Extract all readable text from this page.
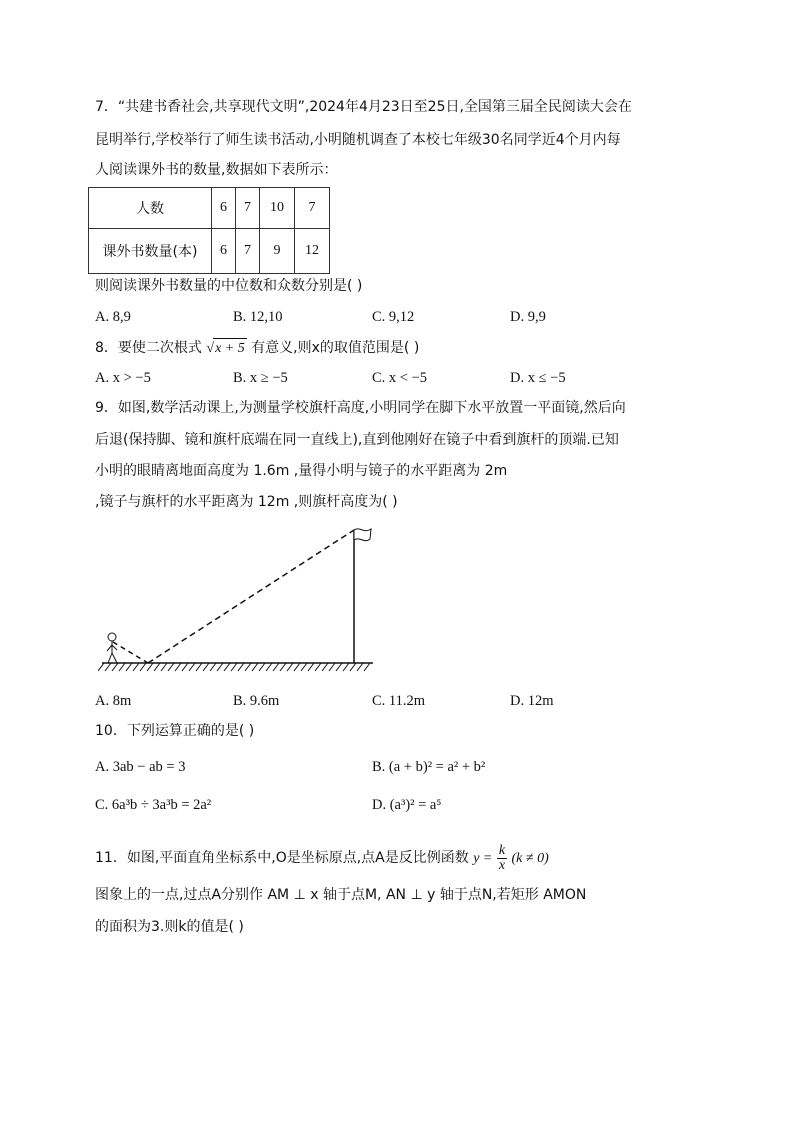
7．“共建书香社会,共享现代文明”,2024年4月23日至25日,全国第三届全民阅读大会在
昆明举行,学校举行了师生读书活动,小明随机调查了本校七年级30名同学近4个月内每
人阅读课外书的数量,数据如下表所示：
人数	6	7	10	7
课外书数量(本)	6	7	9	12
则阅读课外书数量的中位数和众数分别是( )
A. 8,9	B. 12,10	C. 9,12	D. 9,9
8．要使二次根式 √x + 5 有意义,则x的取值范围是( )
A. x > −5	B. x ≥ −5	C. x < −5	D. x ≤ −5
9．如图,数学活动课上,为测量学校旗杆高度,小明同学在脚下水平放置一平面镜,然后向
后退(保持脚、镜和旗杆底端在同一直线上),直到他刚好在镜子中看到旗杆的顶端.已知
小明的眼睛离地面高度为 1.6m ,量得小明与镜子的水平距离为 2m
,镜子与旗杆的水平距离为 12m ,则旗杆高度为( )
A. 8m	B. 9.6m	C. 11.2m	D. 12m
10．下列运算正确的是( )
A. 3ab − ab = 3	B. (a + b)² = a² + b²
C. 6a³b ÷ 3a³b = 2a²	D. (a³)² = a⁵
11．如图,平面直角坐标系中,O是坐标原点,点A是反比例函数 $y = \frac{k}{x} (k \ne 0)$
图象上的一点,过点A分别作 AM ⊥ x 轴于点M, AN ⊥ y 轴于点N,若矩形 AMON
的面积为3.则k的值是( )
